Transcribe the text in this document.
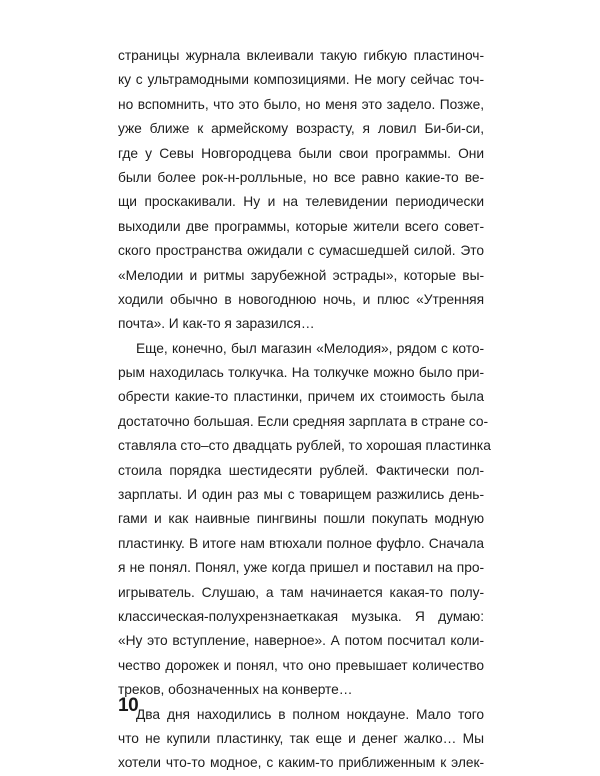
страницы журнала вклеивали такую гибкую пластиноч-
ку с ультрамодными композициями. Не могу сейчас точ-
но вспомнить, что это было, но меня это задело. Позже,
уже ближе к армейскому возрасту, я ловил Би-би-си,
где у Севы Новгородцева были свои программы. Они
были более рок-н-ролльные, но все равно какие-то ве-
щи проскакивали. Ну и на телевидении периодически
выходили две программы, которые жители всего совет-
ского пространства ожидали с сумасшедшей силой. Это
«Мелодии и ритмы зарубежной эстрады», которые вы-
ходили обычно в новогоднюю ночь, и плюс «Утренняя
почта». И как-то я заразился…
Еще, конечно, был магазин «Мелодия», рядом с кото-
рым находилась толкучка. На толкучке можно было при-
обрести какие-то пластинки, причем их стоимость была
достаточно большая. Если средняя зарплата в стране со-
ставляла сто–сто двадцать рублей, то хорошая пластинка
стоила порядка шестидесяти рублей. Фактически пол-
зарплаты. И один раз мы с товарищем разжились день-
гами и как наивные пингвины пошли покупать модную
пластинку. В итоге нам втюхали полное фуфло. Сначала
я не понял. Понял, уже когда пришел и поставил на про-
игрыватель. Слушаю, а там начинается какая-то полу-
классическая-полухрензнаеткакая музыка. Я думаю:
«Ну это вступление, наверное». А потом посчитал коли-
чество дорожек и понял, что оно превышает количество
треков, обозначенных на конверте…
Два дня находились в полном нокдауне. Мало того
что не купили пластинку, так еще и денег жалко… Мы
хотели что-то модное, с каким-то приближенным к элек-
10
